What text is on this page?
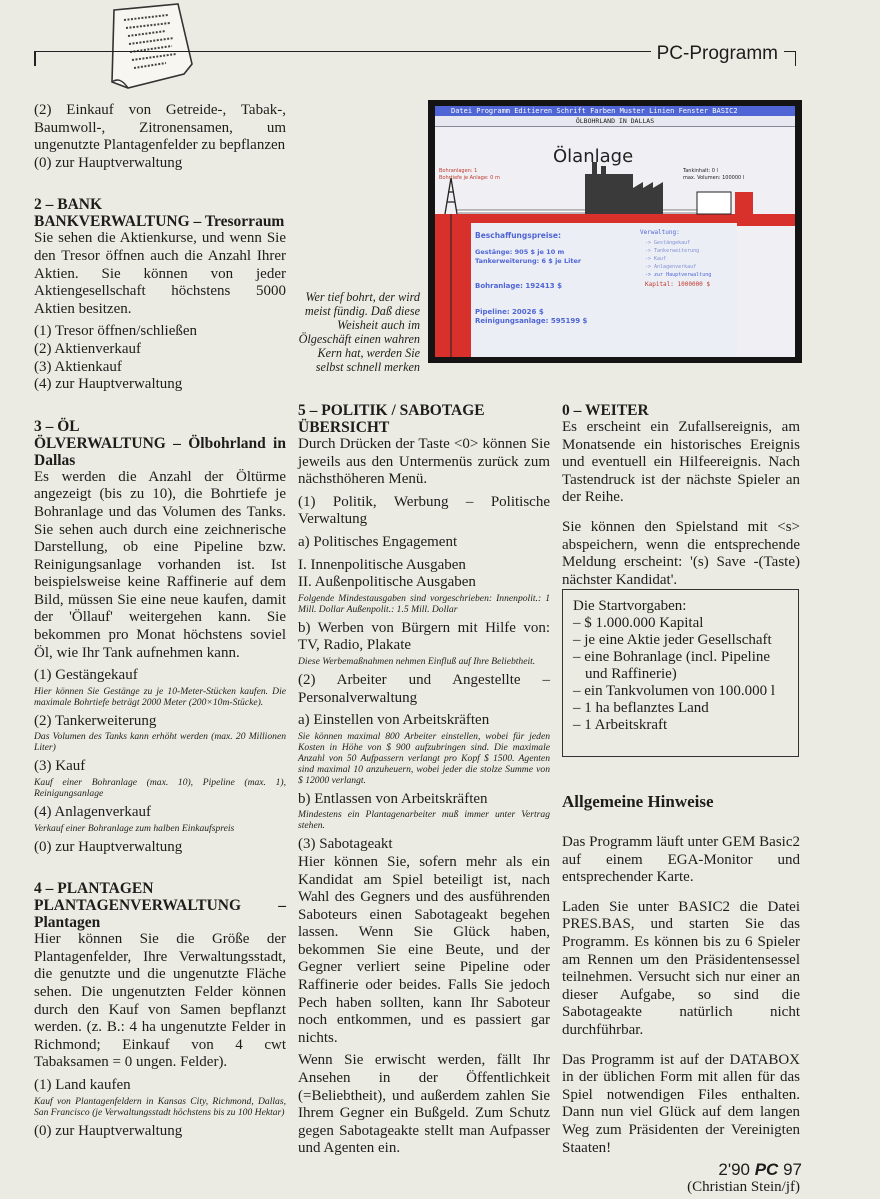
PC-Programm

(2) Einkauf von Getreide-, Tabak-, Baumwoll-, Zitronensamen, um ungenutzte Plantagenfelder zu bepflanzen

(0) zur Hauptverwaltung

2 – BANK

BANKVERWALTUNG – Tresorraum

Sie sehen die Aktienkurse, und wenn Sie den Tresor öffnen auch die Anzahl Ihrer Aktien. Sie können von jeder Aktiengesellschaft höchstens 5000 Aktien besitzen.

(1) Tresor öffnen/schließen

(2) Aktienverkauf

(3) Aktienkauf

(4) zur Hauptverwaltung

3 – ÖL

ÖLVERWALTUNG – Ölbohrland in Dallas

Es werden die Anzahl der Öltürme angezeigt (bis zu 10), die Bohrtiefe je Bohranlage und das Volumen des Tanks. Sie sehen auch durch eine zeichnerische Darstellung, ob eine Pipeline bzw. Reinigungsanlage vorhanden ist. Ist beispielsweise keine Raffinerie auf dem Bild, müssen Sie eine neue kaufen, damit der 'Öllauf' weitergehen kann. Sie bekommen pro Monat höchstens soviel Öl, wie Ihr Tank aufnehmen kann.

(1) Gestängekauf

Hier können Sie Gestänge zu je 10-Meter-Stücken kaufen. Die maximale Bohrtiefe beträgt 2000 Meter (200×10m-Stücke).

(2) Tankerweiterung

Das Volumen des Tanks kann erhöht werden (max. 20 Millionen Liter)

(3) Kauf

Kauf einer Bohranlage (max. 10), Pipeline (max. 1), Reinigungsanlage

(4) Anlagenverkauf

Verkauf einer Bohranlage zum halben Einkaufspreis

(0) zur Hauptverwaltung

4 – PLANTAGEN

PLANTAGENVERWALTUNG – Plantagen

Hier können Sie die Größe der Plantagenfelder, Ihre Verwaltungsstadt, die genutzte und die ungenutzte Fläche sehen. Die ungenutzten Felder können durch den Kauf von Samen bepflanzt werden. (z. B.: 4 ha ungenutzte Felder in Richmond; Einkauf von 4 cwt Tabaksamen = 0 ungen. Felder).

(1) Land kaufen

Kauf von Plantagenfeldern in Kansas City, Richmond, Dallas, San Francisco (je Verwaltungsstadt höchstens bis zu 100 Hektar)

(0) zur Hauptverwaltung

Wer tief bohrt, der wird meist fündig. Daß diese Weisheit auch im Ölgeschäft einen wahren Kern hat, werden Sie selbst schnell merken
Datei Programm Editieren Schrift Farben Muster Linien Fenster BASIC2
ÖLBOHRLAND IN DALLAS
Ölanlage
Bohranlagen: 1
Bohrtiefe je Anlage: 0 m
Tankinhalt: 0 l
max. Volumen: 100000 l
Beschaffungspreise:
Gestänge: 905 $ je 10 m
Tankerweiterung: 6 $ je Liter
Bohranlage: 192413 $
Pipeline: 20026 $
Reinigungsanlage: 595199 $
Verwaltung:
-> Gestängekauf
-> Tankerweiterung
-> Kauf
-> Anlagenverkauf
-> zur Hauptverwaltung
Kapital: 1000000 $

5 – POLITIK / SABOTAGE

ÜBERSICHT

Durch Drücken der Taste <0> können Sie jeweils aus den Untermenüs zurück zum nächsthöheren Menü.

(1) Politik, Werbung – Politische Verwaltung

a) Politisches Engagement

I. Innenpolitische Ausgaben

II. Außenpolitische Ausgaben

Folgende Mindestausgaben sind vorgeschrieben: Innenpolit.: 1 Mill. Dollar Außenpolit.: 1.5 Mill. Dollar

b) Werben von Bürgern mit Hilfe von: TV, Radio, Plakate

Diese Werbemaßnahmen nehmen Einfluß auf Ihre Beliebtheit.

(2) Arbeiter und Angestellte – Personalverwaltung

a) Einstellen von Arbeitskräften

Sie können maximal 800 Arbeiter einstellen, wobei für jeden Kosten in Höhe von $ 900 aufzubringen sind. Die maximale Anzahl von 50 Aufpassern verlangt pro Kopf $ 1500. Agenten sind maximal 10 anzuheuern, wobei jeder die stolze Summe von $ 12000 verlangt.

b) Entlassen von Arbeitskräften

Mindestens ein Plantagenarbeiter muß immer unter Vertrag stehen.

(3) Sabotageakt

Hier können Sie, sofern mehr als ein Kandidat am Spiel beteiligt ist, nach Wahl des Gegners und des ausführenden Saboteurs einen Sabotageakt begehen lassen. Wenn Sie Glück haben, bekommen Sie eine Beute, und der Gegner verliert seine Pipeline oder Raffinerie oder beides. Falls Sie jedoch Pech haben sollten, kann Ihr Saboteur noch entkommen, und es passiert gar nichts.

Wenn Sie erwischt werden, fällt Ihr Ansehen in der Öffentlichkeit (=Beliebtheit), und außerdem zahlen Sie Ihrem Gegner ein Bußgeld. Zum Schutz gegen Sabotageakte stellt man Aufpasser und Agenten ein.

0 – WEITER

Es erscheint ein Zufallsereignis, am Monatsende ein historisches Ereignis und eventuell ein Hilfeereignis. Nach Tastendruck ist der nächste Spieler an der Reihe.

Sie können den Spielstand mit <s> abspeichern, wenn die entsprechende Meldung erscheint: '(s) Save -(Taste) nächster Kandidat'.

Die Startvorgaben:

– $ 1.000.000 Kapital
– je eine Aktie jeder Gesellschaft
– eine Bohranlage (incl. Pipeline und Raffinerie)
– ein Tankvolumen von 100.000 l
– 1 ha beflanztes Land
– 1 Arbeitskraft

Allgemeine Hinweise

Das Programm läuft unter GEM Basic2 auf einem EGA-Monitor und entsprechender Karte.

Laden Sie unter BASIC2 die Datei PRES.BAS, und starten Sie das Programm. Es können bis zu 6 Spieler am Rennen um den Präsidentensessel teilnehmen. Versucht sich nur einer an dieser Aufgabe, so sind die Sabotageakte natürlich nicht durchführbar.

Das Programm ist auf der DATABOX in der üblichen Form mit allen für das Spiel notwendigen Files enthalten. Dann nun viel Glück auf dem langen Weg zum Präsidenten der Vereinigten Staaten!

(Christian Stein/jf)

2'90 PC 97
